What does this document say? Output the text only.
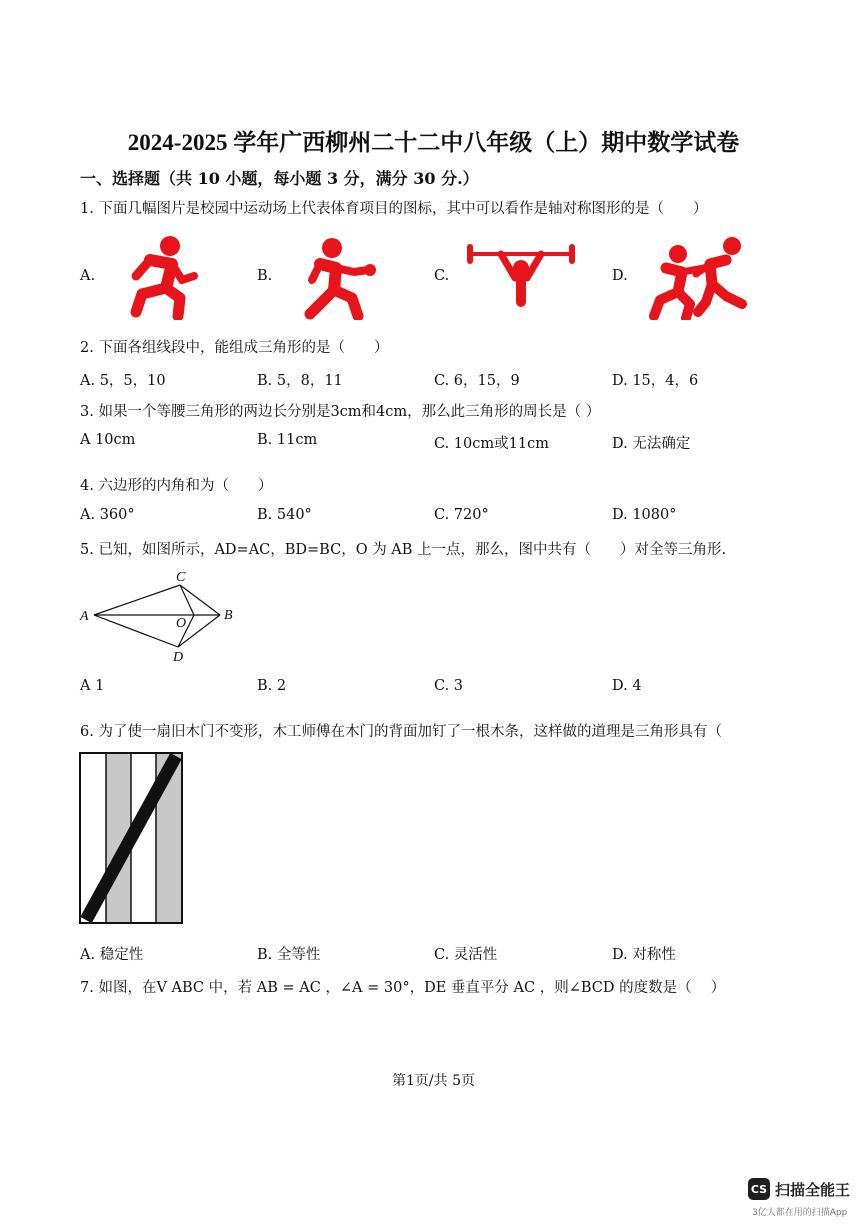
2024-2025 学年广西柳州二十二中八年级（上）期中数学试卷
一、选择题（共 10 小题，每小题 3 分，满分 30 分.）
1. 下面几幅图片是校园中运动场上代表体育项目的图标，其中可以看作是轴对称图形的是（　　）
A.	B.	C.	D.
2. 下面各组线段中，能组成三角形的是（　　）
A. 5，5，10	B. 5，8，11	C. 6，15，9	D. 15，4，6
3. 如果一个等腰三角形的两边长分别是3cm和4cm，那么此三角形的周长是（ ）
A 10cm	B. 11cm	C. 10cm或11cm	D. 无法确定
4. 六边形的内角和为（　　）
A. 360°	B. 540°	C. 720°	D. 1080°
5. 已知，如图所示，AD=AC，BD=BC，O 为 AB 上一点，那么，图中共有（　　）对全等三角形.
C
A	B
O
D
A 1	B. 2	C. 3	D. 4
6. 为了使一扇旧木门不变形，木工师傅在木门的背面加钉了一根木条，这样做的道理是三角形具有（
A. 稳定性	B. 全等性	C. 灵活性	D. 对称性
7. 如图，在V ABC 中，若 AB = AC ，∠A = 30°，DE 垂直平分 AC ，则∠BCD 的度数是（　 ）
第1页/共 5页
CS 扫描全能王
3亿人都在用的扫描App
